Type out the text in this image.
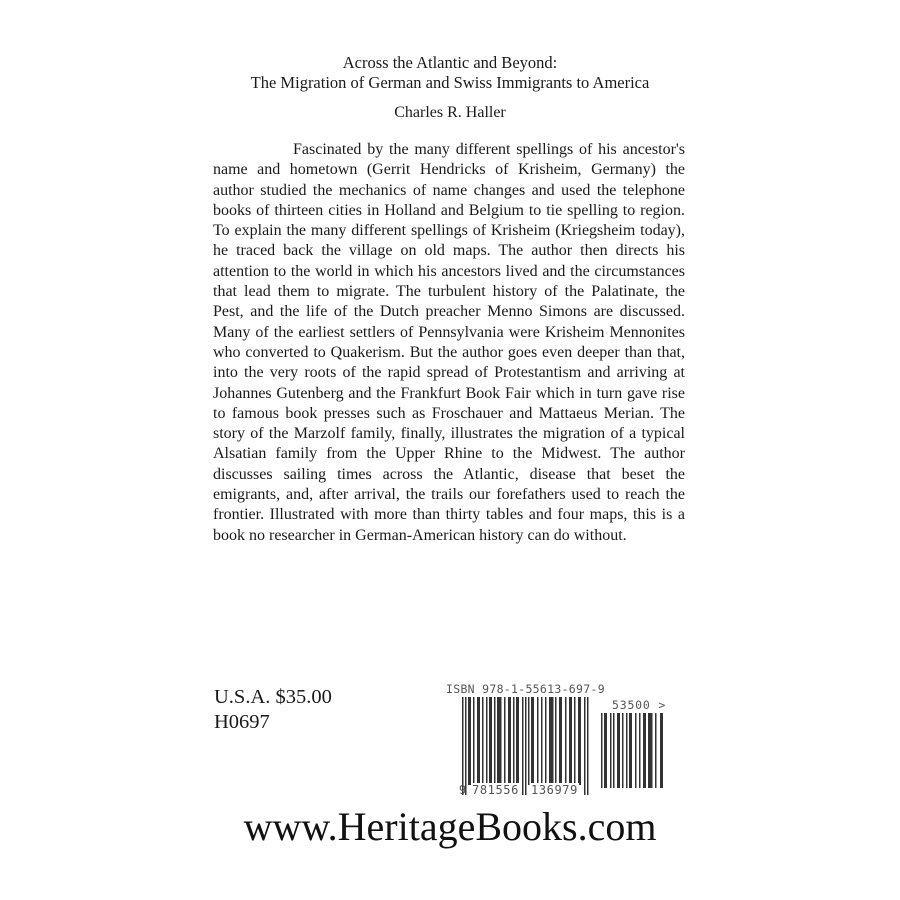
Across the Atlantic and Beyond:
The Migration of German and Swiss Immigrants to America
Charles R. Haller

Fascinated by the many different spellings of his ancestor's name and hometown (Gerrit Hendricks of Krisheim, Germany) the author studied the mechanics of name changes and used the telephone books of thirteen cities in Holland and Belgium to tie spelling to region. To explain the many different spellings of Krisheim (Kriegsheim today), he traced back the village on old maps. The author then directs his attention to the world in which his ancestors lived and the circumstances that lead them to migrate. The turbulent history of the Palatinate, the Pest, and the life of the Dutch preacher Menno Simons are discussed. Many of the earliest settlers of Pennsylvania were Krisheim Mennonites who converted to Quakerism. But the author goes even deeper than that, into the very roots of the rapid spread of Protestantism and arriving at Johannes Gutenberg and the Frankfurt Book Fair which in turn gave rise to famous book presses such as Froschauer and Mattaeus Merian. The story of the Marzolf family, finally, illustrates the migration of a typical Alsatian family from the Upper Rhine to the Midwest. The author discusses sailing times across the Atlantic, disease that beset the emigrants, and, after arrival, the trails our forefathers used to reach the frontier. Illustrated with more than thirty tables and four maps, this is a book no researcher in German-American history can do without.

U.S.A. $35.00
H0697
ISBN 978-1-55613-697-9
53500 >
9 781556 136979
www.HeritageBooks.com
